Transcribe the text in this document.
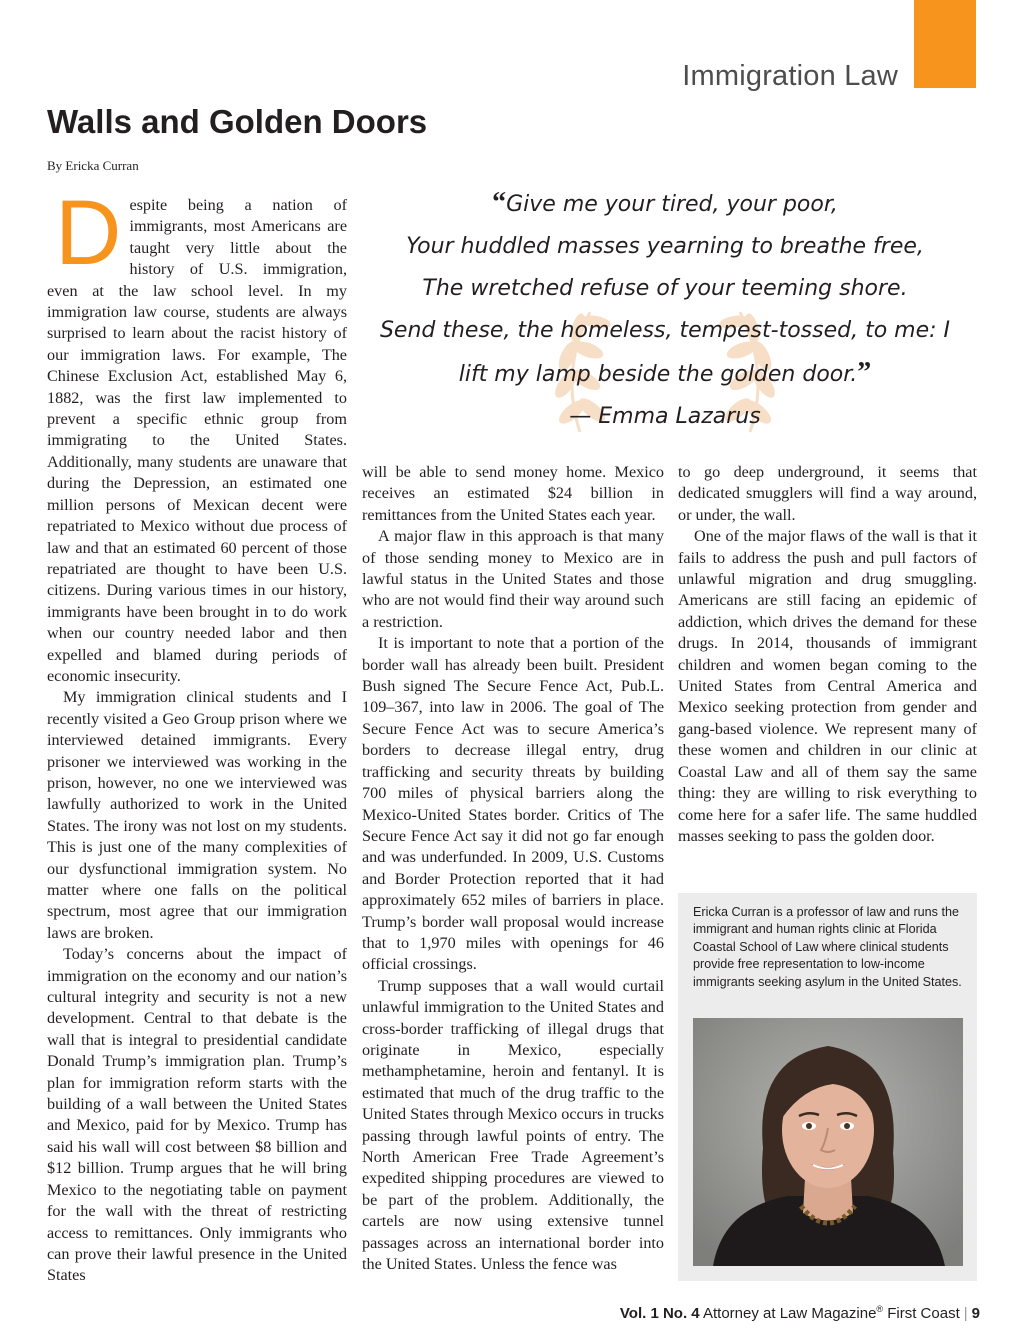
Immigration Law
Walls and Golden Doors
By Ericka Curran

Despite being a nation of immigrants, most Americans are taught very little about the history of U.S. immigration, even at the law school level. In my immigration law course, students are always surprised to learn about the racist history of our immigration laws. For example, The Chinese Exclusion Act, established May 6, 1882, was the first law implemented to prevent a specific ethnic group from immigrating to the United States. Additionally, many students are unaware that during the Depression, an estimated one million persons of Mexican decent were repatriated to Mexico without due process of law and that an estimated 60 percent of those repatriated are thought to have been U.S. citizens. During various times in our history, immigrants have been brought in to do work when our country needed labor and then expelled and blamed during periods of economic insecurity.

My immigration clinical students and I recently visited a Geo Group prison where we interviewed detained immigrants. Every prisoner we interviewed was working in the prison, however, no one we interviewed was lawfully authorized to work in the United States. The irony was not lost on my students. This is just one of the many complexities of our dysfunctional immigration system. No matter where one falls on the political spectrum, most agree that our immigration laws are broken.

Today’s concerns about the impact of immigration on the economy and our nation’s cultural integrity and security is not a new development. Central to that debate is the wall that is integral to presidential candidate Donald Trump’s immigration plan. Trump’s plan for immigration reform starts with the building of a wall between the United States and Mexico, paid for by Mexico. Trump has said his wall will cost between $8 billion and $12 billion. Trump argues that he will bring Mexico to the negotiating table on payment for the wall with the threat of restricting access to remittances. Only immigrants who can prove their lawful presence in the United States

“Give me your tired, your poor,
Your huddled masses yearning to breathe free,
The wretched refuse of your teeming shore.
Send these, the homeless, tempest-tossed, to me: I
lift my lamp beside the golden door.”
— Emma Lazarus

will be able to send money home. Mexico receives an estimated $24 billion in remittances from the United States each year.

A major flaw in this approach is that many of those sending money to Mexico are in lawful status in the United States and those who are not would find their way around such a restriction.

It is important to note that a portion of the border wall has already been built. President Bush signed The Secure Fence Act, Pub.L. 109–367, into law in 2006. The goal of The Secure Fence Act was to secure America’s borders to decrease illegal entry, drug trafficking and security threats by building 700 miles of physical barriers along the Mexico-United States border. Critics of The Secure Fence Act say it did not go far enough and was underfunded. In 2009, U.S. Customs and Border Protection reported that it had approximately 652 miles of barriers in place. Trump’s border wall proposal would increase that to 1,970 miles with openings for 46 official crossings.

Trump supposes that a wall would curtail unlawful immigration to the United States and cross-border trafficking of illegal drugs that originate in Mexico, especially methamphetamine, heroin and fentanyl. It is estimated that much of the drug traffic to the United States through Mexico occurs in trucks passing through lawful points of entry. The North American Free Trade Agreement’s expedited shipping procedures are viewed to be part of the problem. Additionally, the cartels are now using extensive tunnel passages across an international border into the United States. Unless the fence was

to go deep underground, it seems that dedicated smugglers will find a way around, or under, the wall.

One of the major flaws of the wall is that it fails to address the push and pull factors of unlawful migration and drug smuggling. Americans are still facing an epidemic of addiction, which drives the demand for these drugs. In 2014, thousands of immigrant children and women began coming to the United States from Central America and Mexico seeking protection from gender and gang-based violence. We represent many of these women and children in our clinic at Coastal Law and all of them say the same thing: they are willing to risk everything to come here for a safer life. The same huddled masses seeking to pass the golden door.

Ericka Curran is a professor of law and runs the immigrant and human rights clinic at Florida Coastal School of Law where clinical students provide free representation to low-income immigrants seeking asylum in the United States.
Vol. 1 No. 4 Attorney at Law Magazine® First Coast | 9
